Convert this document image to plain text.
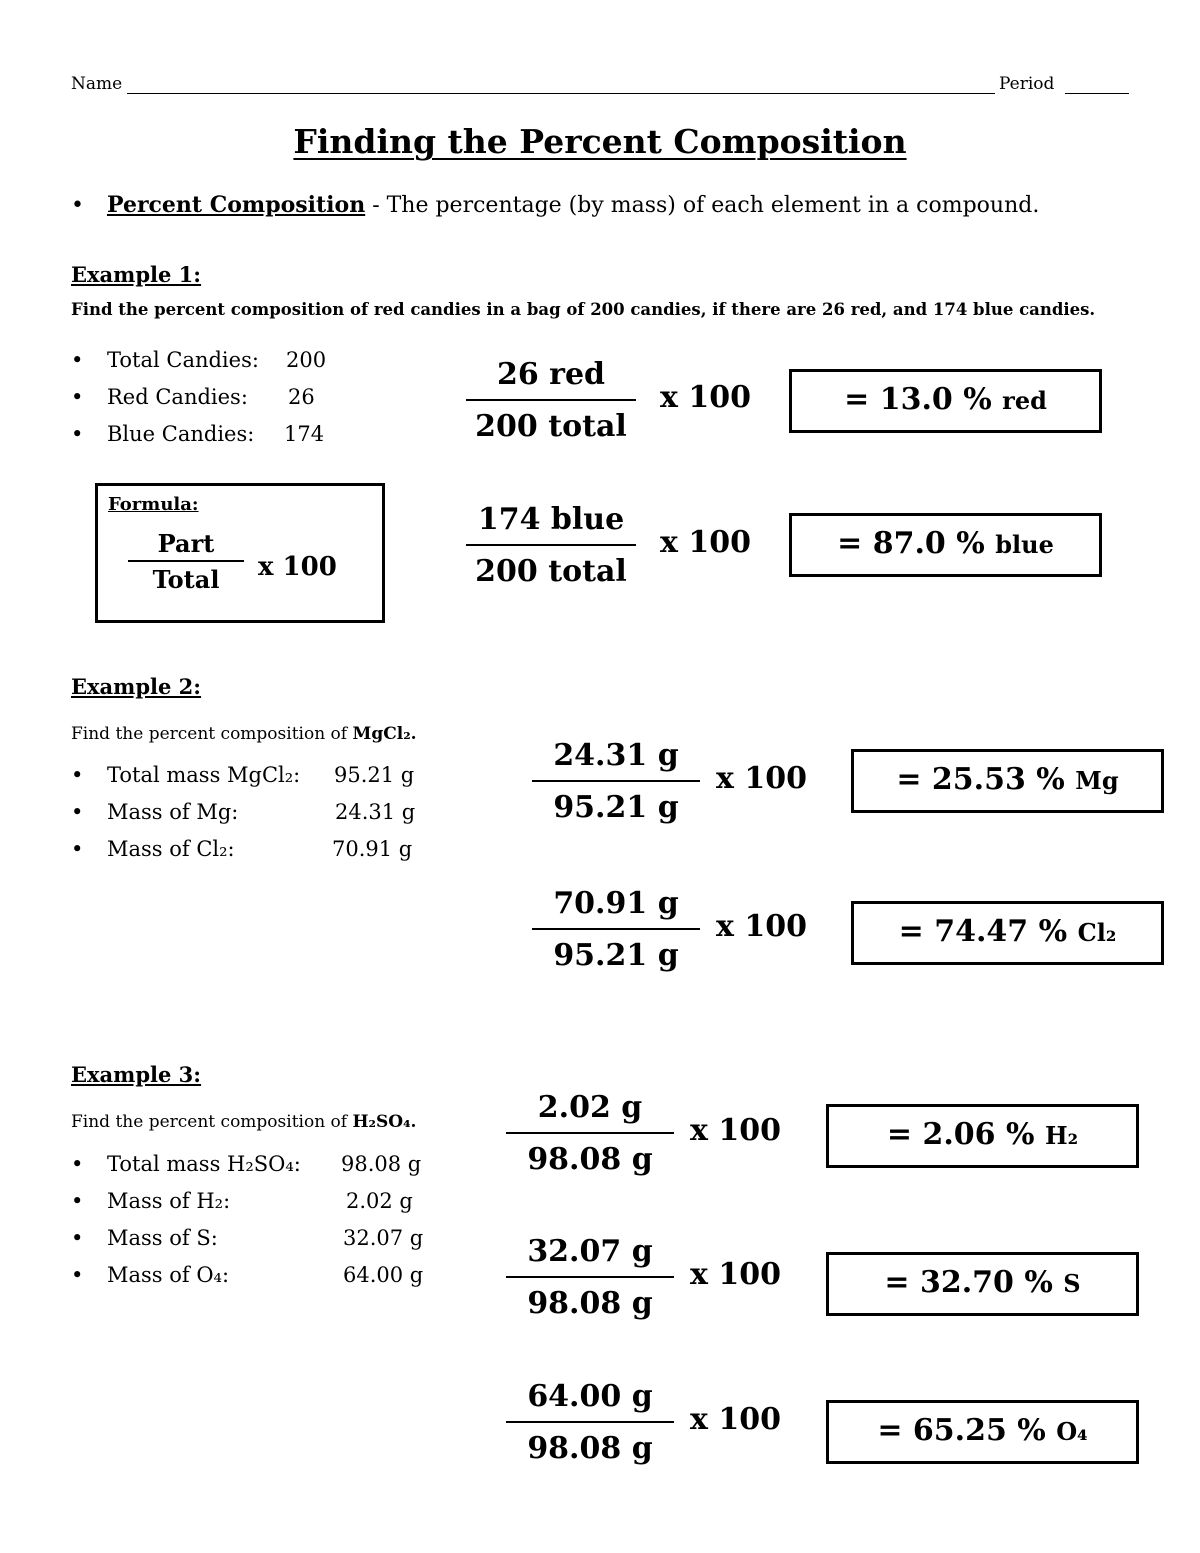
Name	Period
Finding the Percent Composition
• Percent Composition - The percentage (by mass) of each element in a compound.
Example 1:
Find the percent composition of red candies in a bag of 200 candies, if there are 26 red, and 174 blue candies.
• Total Candies: 200
• Red Candies: 26
• Blue Candies: 174
Formula:
Part
Total	x 100
26 red
200 total
x 100	= 13.0 % red
174 blue
200 total
x 100	= 87.0 % blue
Example 2:
Find the percent composition of MgCl₂.
• Total mass MgCl₂: 95.21 g
• Mass of Mg:	24.31 g
• Mass of Cl₂:	70.91 g
24.31 g
95.21 g
x 100	= 25.53 % Mg
70.91 g
95.21 g
x 100	= 74.47 % Cl₂
Example 3:
Find the percent composition of H₂SO₄.
• Total mass H₂SO₄: 98.08 g
• Mass of H₂:	2.02 g
• Mass of S:	32.07 g
• Mass of O₄:	64.00 g
2.02 g
98.08 g
x 100	= 2.06 % H₂
32.07 g
98.08 g
x 100	= 32.70 % S
64.00 g
98.08 g
x 100	= 65.25 % O₄
